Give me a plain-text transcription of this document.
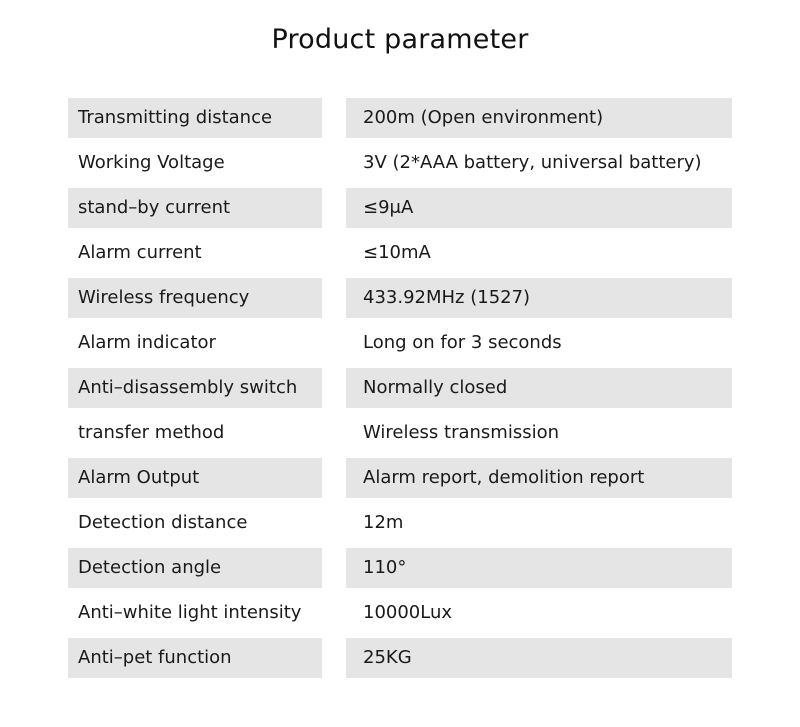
Product parameter
Transmitting distance	200m (Open environment)
Working Voltage	3V (2*AAA battery, universal battery)
stand–by current	≤9μA
Alarm current	≤10mA
Wireless frequency	433.92MHz (1527)
Alarm indicator	Long on for 3 seconds
Anti–disassembly switch	Normally closed
transfer method	Wireless transmission
Alarm Output	Alarm report, demolition report
Detection distance	12m
Detection angle	110°
Anti–white light intensity	10000Lux
Anti–pet function	25KG
